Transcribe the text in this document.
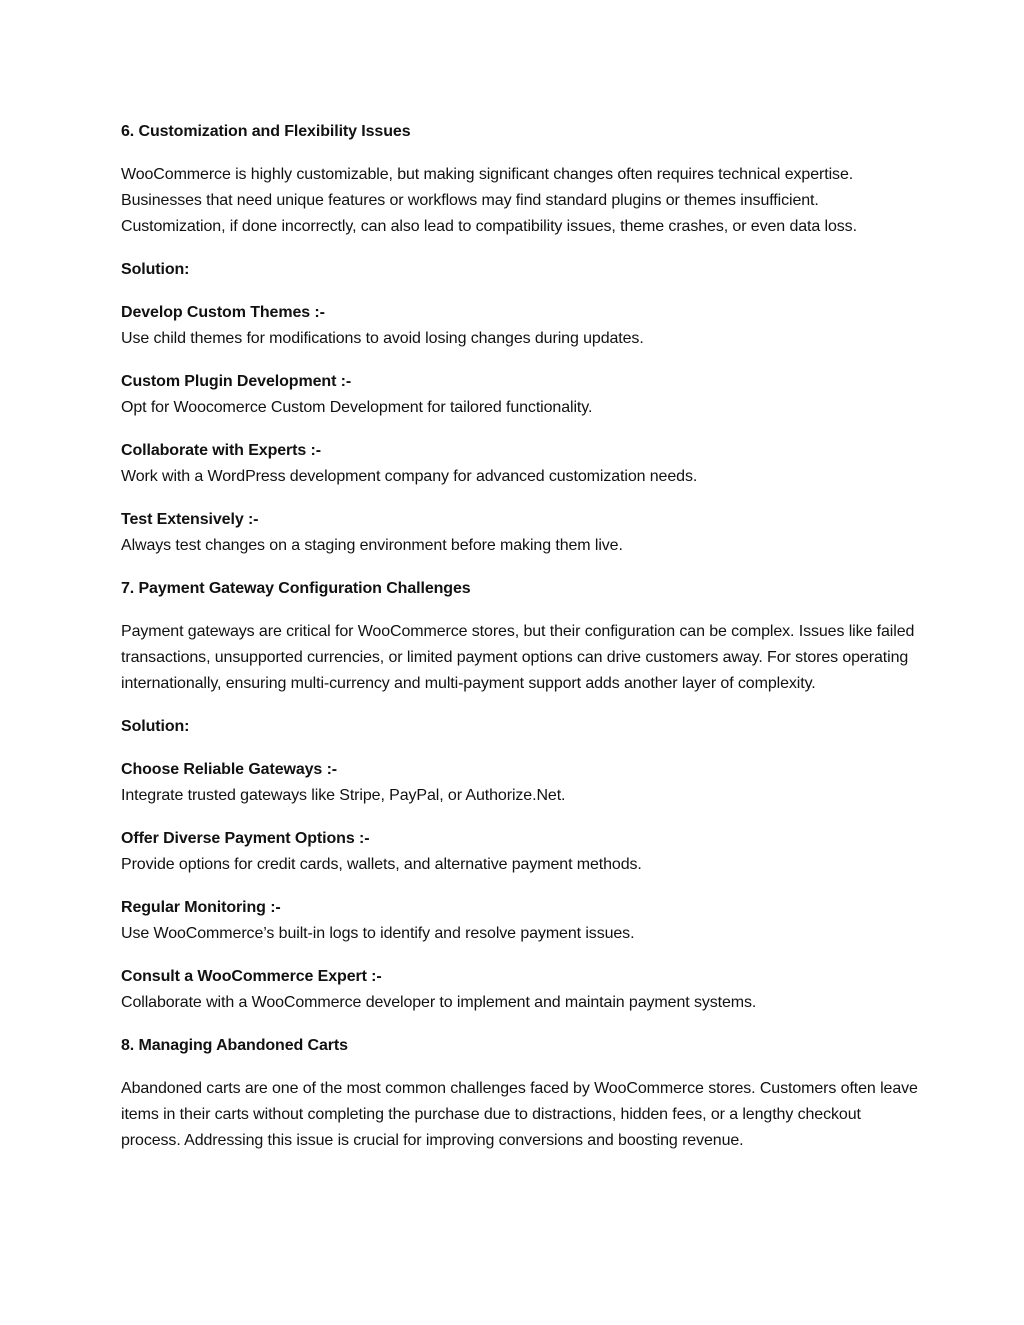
6. Customization and Flexibility Issues
WooCommerce is highly customizable, but making significant changes often requires technical expertise. Businesses that need unique features or workflows may find standard plugins or themes insufficient. Customization, if done incorrectly, can also lead to compatibility issues, theme crashes, or even data loss.
Solution:
Develop Custom Themes :-
Use child themes for modifications to avoid losing changes during updates.
Custom Plugin Development :-
Opt for Woocomerce Custom Development for tailored functionality.
Collaborate with Experts :-
Work with a WordPress development company for advanced customization needs.
Test Extensively :-
Always test changes on a staging environment before making them live.
7. Payment Gateway Configuration Challenges
Payment gateways are critical for WooCommerce stores, but their configuration can be complex. Issues like failed transactions, unsupported currencies, or limited payment options can drive customers away. For stores operating internationally, ensuring multi-currency and multi-payment support adds another layer of complexity.
Solution:
Choose Reliable Gateways :-
Integrate trusted gateways like Stripe, PayPal, or Authorize.Net.
Offer Diverse Payment Options :-
Provide options for credit cards, wallets, and alternative payment methods.
Regular Monitoring :-
Use WooCommerce’s built-in logs to identify and resolve payment issues.
Consult a WooCommerce Expert :-
Collaborate with a WooCommerce developer to implement and maintain payment systems.
8. Managing Abandoned Carts
Abandoned carts are one of the most common challenges faced by WooCommerce stores. Customers often leave items in their carts without completing the purchase due to distractions, hidden fees, or a lengthy checkout process. Addressing this issue is crucial for improving conversions and boosting revenue.
